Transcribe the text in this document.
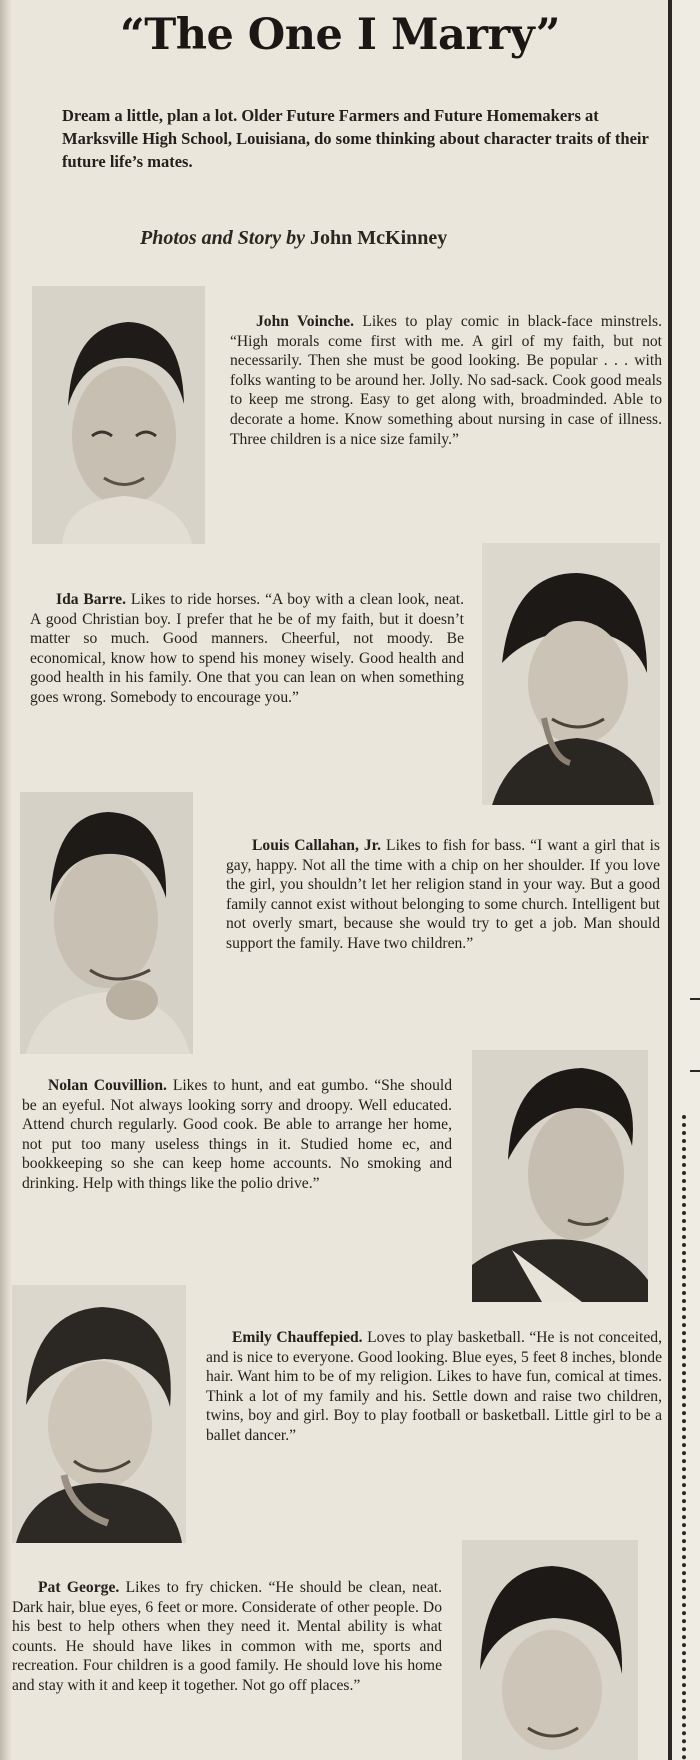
“The One I Marry”
Dream a little, plan a lot. Older Future Farmers and Future Homemakers at Marksville High School, Louisiana, do some thinking about character traits of their future life’s mates.
Photos and Story by John McKinney

John Voinche. Likes to play comic in black-face minstrels. “High morals come first with me. A girl of my faith, but not necessarily. Then she must be good looking. Be popular . . . with folks wanting to be around her. Jolly. No sad-sack. Cook good meals to keep me strong. Easy to get along with, broadminded. Able to decorate a home. Know something about nursing in case of illness. Three children is a nice size family.”

Ida Barre. Likes to ride horses. “A boy with a clean look, neat. A good Christian boy. I prefer that he be of my faith, but it doesn’t matter so much. Good manners. Cheerful, not moody. Be economical, know how to spend his money wisely. Good health and good health in his family. One that you can lean on when something goes wrong. Somebody to encourage you.”

Louis Callahan, Jr. Likes to fish for bass. “I want a girl that is gay, happy. Not all the time with a chip on her shoulder. If you love the girl, you shouldn’t let her religion stand in your way. But a good family cannot exist without belonging to some church. Intelligent but not overly smart, because she would try to get a job. Man should support the family. Have two children.”

Nolan Couvillion. Likes to hunt, and eat gumbo. “She should be an eyeful. Not always looking sorry and droopy. Well educated. Attend church regularly. Good cook. Be able to arrange her home, not put too many useless things in it. Studied home ec, and bookkeeping so she can keep home accounts. No smoking and drinking. Help with things like the polio drive.”

Emily Chauffepied. Loves to play basketball. “He is not conceited, and is nice to everyone. Good looking. Blue eyes, 5 feet 8 inches, blonde hair. Want him to be of my religion. Likes to have fun, comical at times. Think a lot of my family and his. Settle down and raise two children, twins, boy and girl. Boy to play football or basketball. Little girl to be a ballet dancer.”

Pat George. Likes to fry chicken. “He should be clean, neat. Dark hair, blue eyes, 6 feet or more. Considerate of other people. Do his best to help others when they need it. Mental ability is what counts. He should have likes in common with me, sports and recreation. Four children is a good family. He should love his home and stay with it and keep it together. Not go off places.”
